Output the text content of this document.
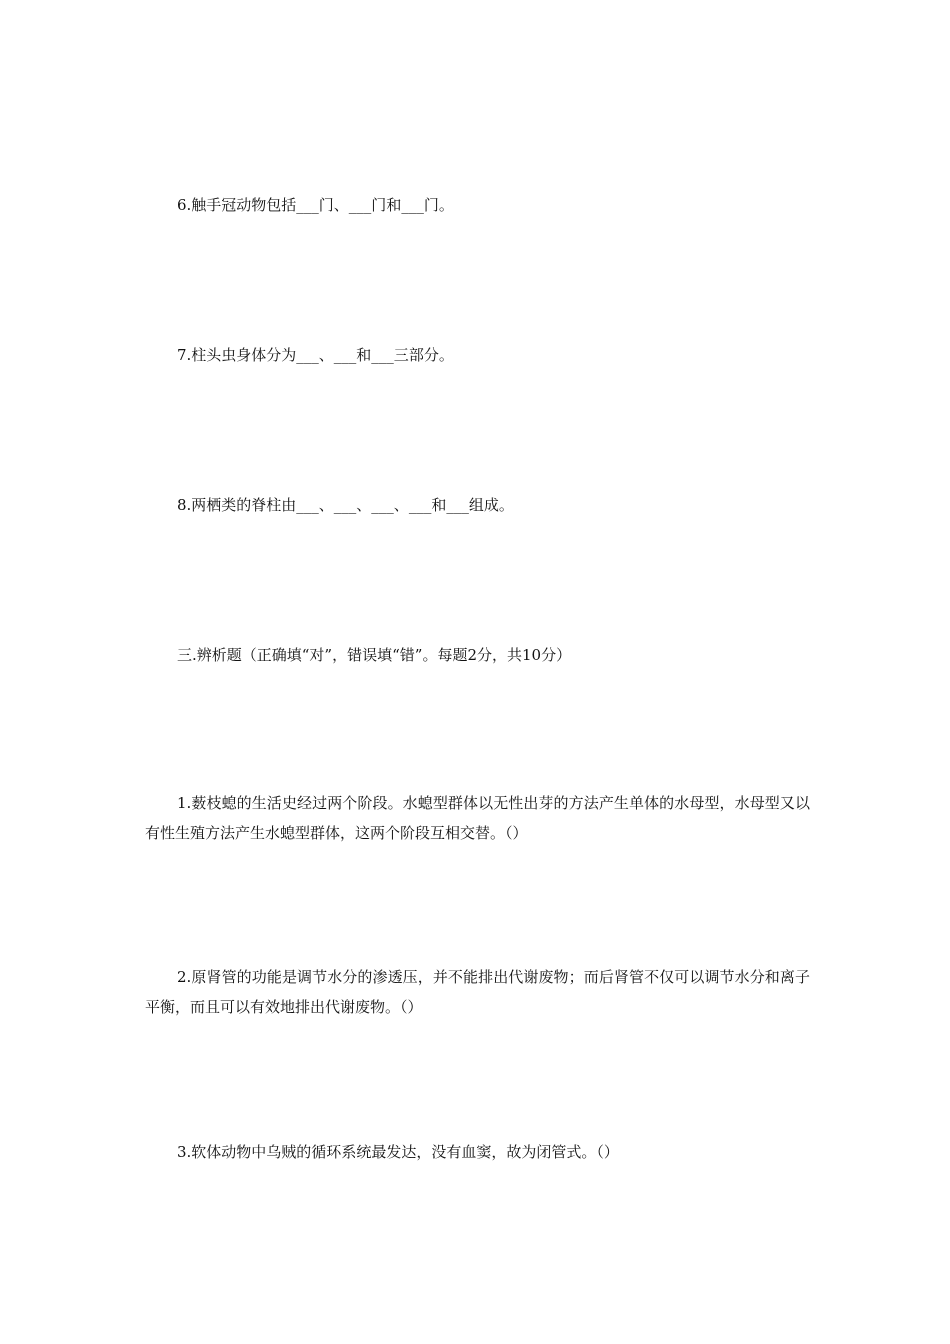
6.触手冠动物包括___门、___门和___门。
7.柱头虫身体分为___、___和___三部分。
8.两栖类的脊柱由___、___、___、___和___组成。
三.辨析题（正确填“对”，错误填“错”。每题2分，共10分）
1.薮枝螅的生活史经过两个阶段。水螅型群体以无性出芽的方法产生单体的水母型，水母型又以有性生殖方法产生水螅型群体，这两个阶段互相交替。（）
2.原肾管的功能是调节水分的渗透压，并不能排出代谢废物；而后肾管不仅可以调节水分和离子平衡，而且可以有效地排出代谢废物。（）
3.软体动物中乌贼的循环系统最发达，没有血窦，故为闭管式。（）
